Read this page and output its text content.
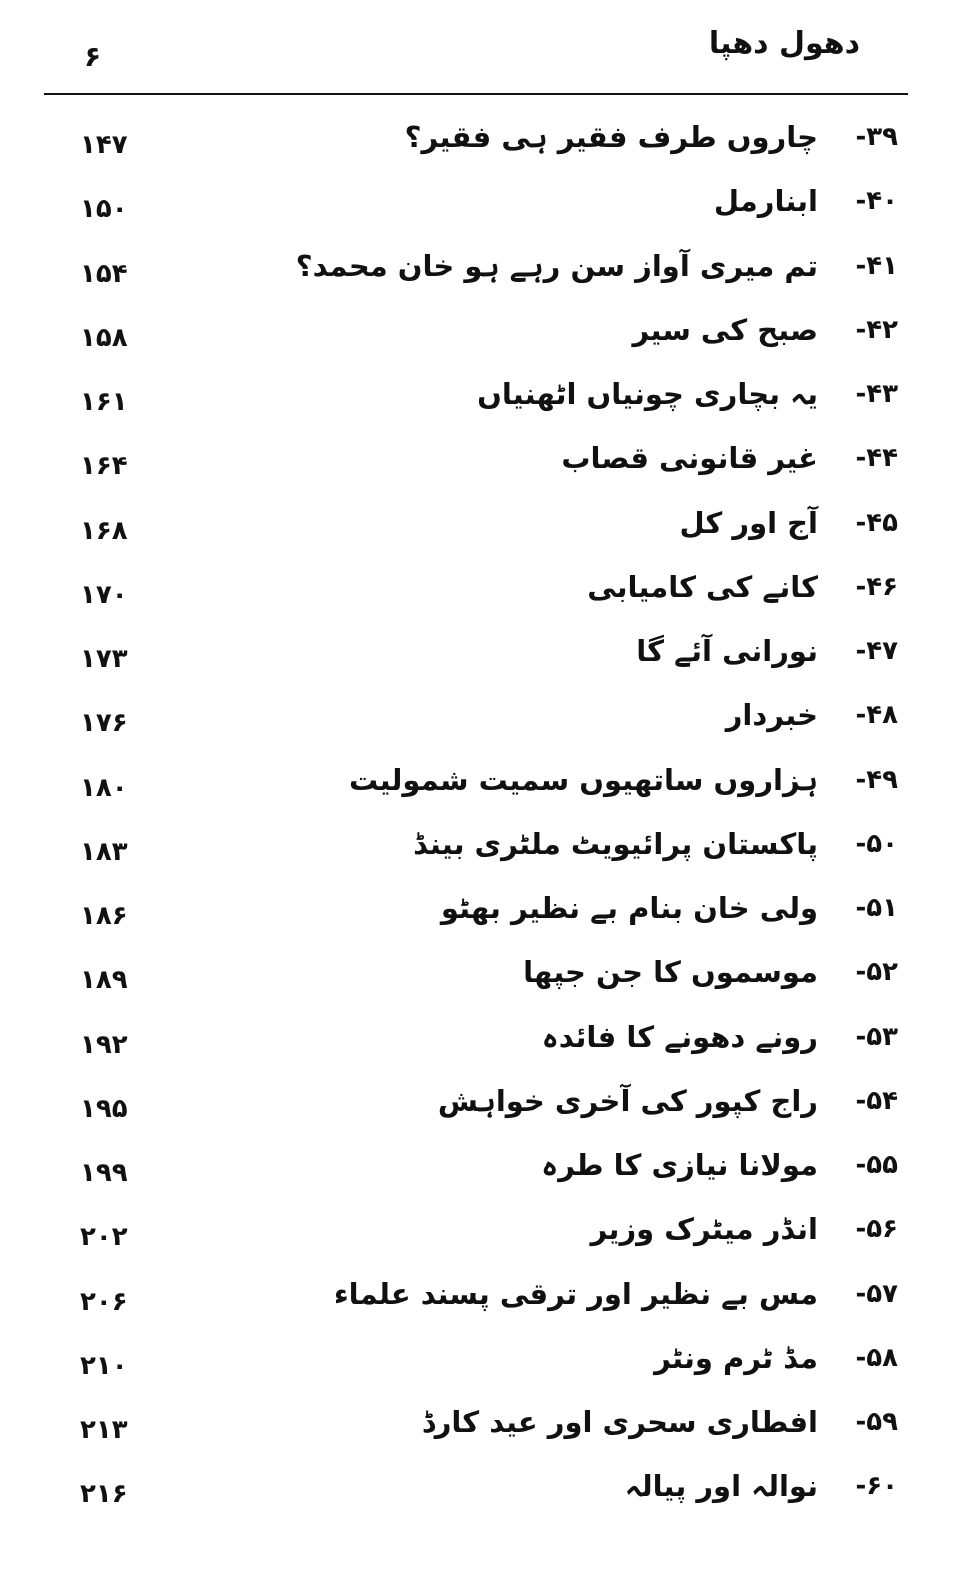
دھول دھپا
۶
۳۹-
چاروں طرف فقیر ہی فقیر؟
۱۴۷
۴۰-
ابنارمل
۱۵۰
۴۱-
تم میری آواز سن رہے ہو خان محمد؟
۱۵۴
۴۲-
صبح کی سیر
۱۵۸
۴۳-
یہ بچاری چونیاں اٹھنیاں
۱۶۱
۴۴-
غیر قانونی قصاب
۱۶۴
۴۵-
آج اور کل
۱۶۸
۴۶-
کانے کی کامیابی
۱۷۰
۴۷-
نورانی آئے گا
۱۷۳
۴۸-
خبردار
۱۷۶
۴۹-
ہزاروں ساتھیوں سمیت شمولیت
۱۸۰
۵۰-
پاکستان پرائیویٹ ملٹری بینڈ
۱۸۳
۵۱-
ولی خان بنام بے نظیر بھٹو
۱۸۶
۵۲-
موسموں کا جن جپھا
۱۸۹
۵۳-
رونے دھونے کا فائدہ
۱۹۲
۵۴-
راج کپور کی آخری خواہش
۱۹۵
۵۵-
مولانا نیازی کا طرہ
۱۹۹
۵۶-
انڈر میٹرک وزیر
۲۰۲
۵۷-
مس بے نظیر اور ترقی پسند علماء
۲۰۶
۵۸-
مڈ ٹرم ونٹر
۲۱۰
۵۹-
افطاری سحری اور عید کارڈ
۲۱۳
۶۰-
نوالہ اور پیالہ
۲۱۶
